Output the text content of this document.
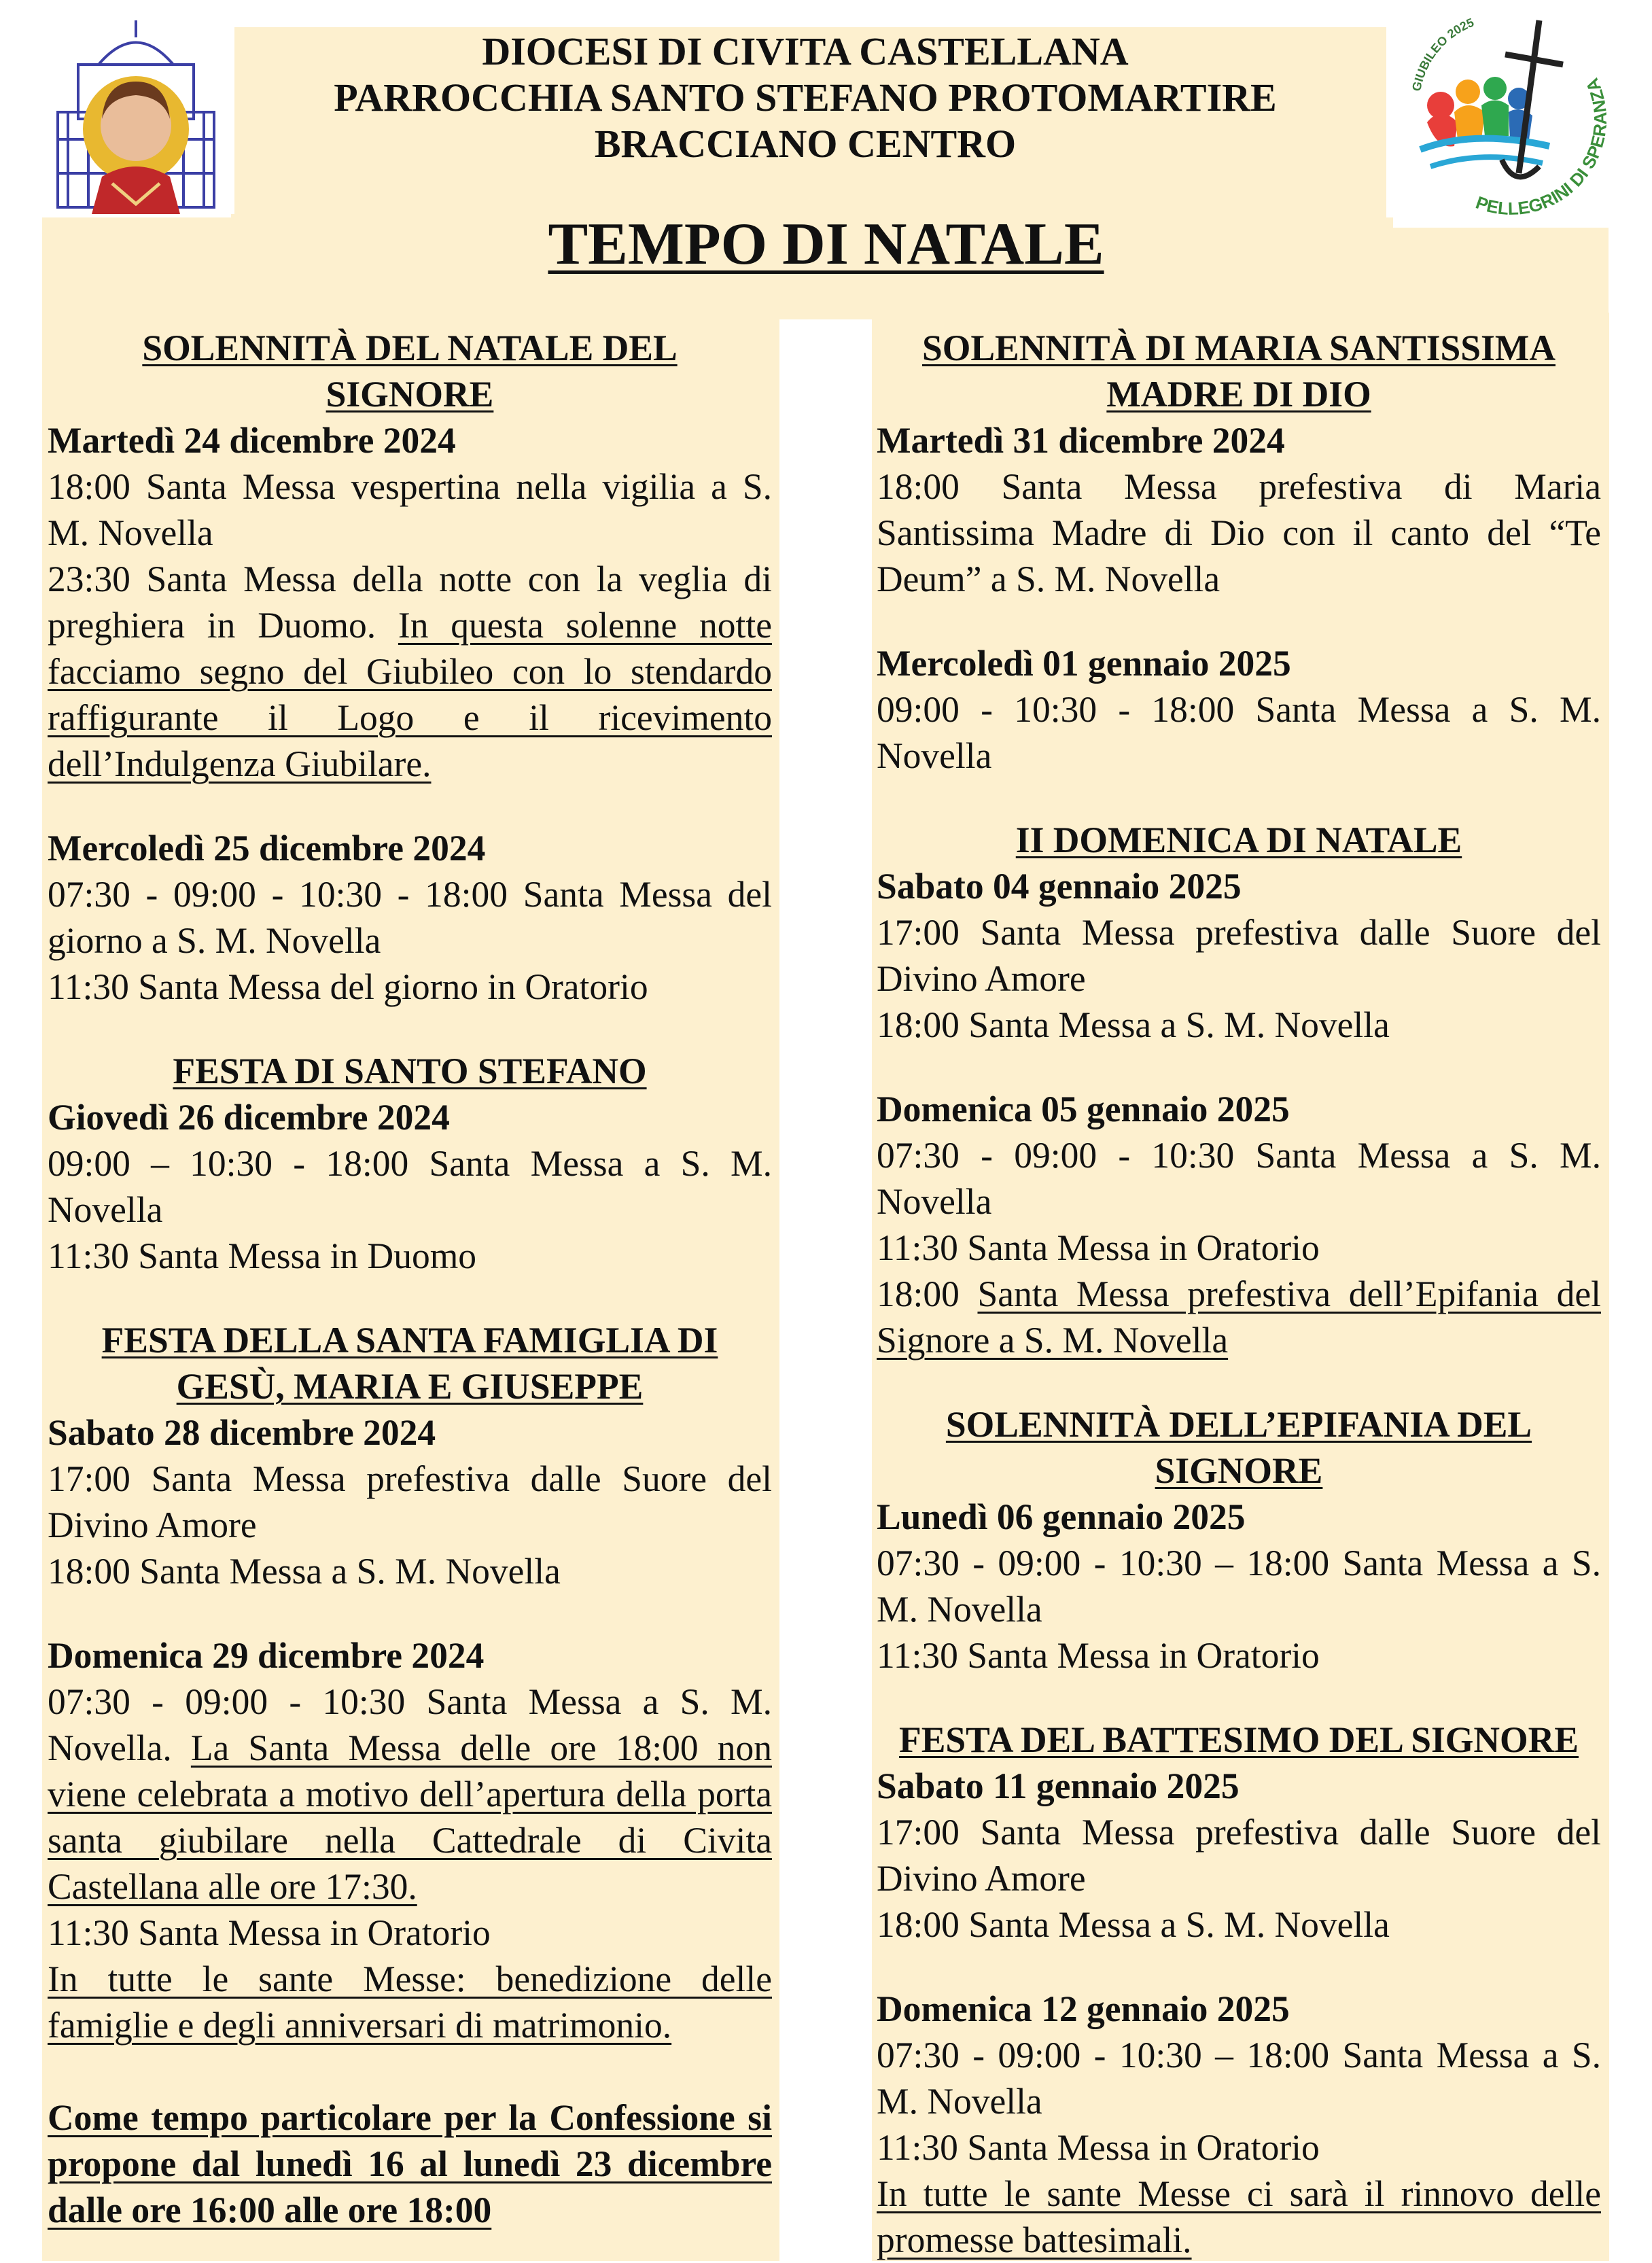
GIUBILEO 2025
PELLEGRINI DI SPERANZA
DIOCESI DI CIVITA CASTELLANA
PARROCCHIA SANTO STEFANO PROTOMARTIRE
BRACCIANO CENTRO
TEMPO DI NATALE
SOLENNITÀ DEL NATALE DEL
SIGNORE

Martedì 24 dicembre 2024

18:00 Santa Messa vespertina nella vigilia a S. M. Novella

23:30 Santa Messa della notte con la veglia di preghiera in Duomo. In questa solenne notte facciamo segno del Giubileo con lo stendardo raffigurante il Logo e il ricevimento dell’Indulgenza Giubilare.

Mercoledì 25 dicembre 2024

07:30 - 09:00 - 10:30 - 18:00 Santa Messa del giorno a S. M. Novella

11:30 Santa Messa del giorno in Oratorio

FESTA DI SANTO STEFANO

Giovedì 26 dicembre 2024

09:00 – 10:30 - 18:00 Santa Messa a S. M. Novella

11:30 Santa Messa in Duomo

FESTA DELLA SANTA FAMIGLIA DI
GESÙ, MARIA E GIUSEPPE

Sabato 28 dicembre 2024

17:00 Santa Messa prefestiva dalle Suore del Divino Amore

18:00 Santa Messa a S. M. Novella

Domenica 29 dicembre 2024

07:30 - 09:00 - 10:30 Santa Messa a S. M. Novella. La Santa Messa delle ore 18:00 non viene celebrata a motivo dell’apertura della porta santa giubilare nella Cattedrale di Civita Castellana alle ore 17:30.

11:30 Santa Messa in Oratorio

In tutte le sante Messe: benedizione delle famiglie e degli anniversari di matrimonio.

Come tempo particolare per la Confessione si propone dal lunedì 16 al lunedì 23 dicembre dalle ore 16:00 alle ore 18:00

SOLENNITÀ DI MARIA SANTISSIMA
MADRE DI DIO

Martedì 31 dicembre 2024

18:00 Santa Messa prefestiva di Maria Santissima Madre di Dio con il canto del “Te Deum” a S. M. Novella

Mercoledì 01 gennaio 2025

09:00 - 10:30 - 18:00 Santa Messa a S. M. Novella

II DOMENICA DI NATALE

Sabato 04 gennaio 2025

17:00 Santa Messa prefestiva dalle Suore del Divino Amore

18:00 Santa Messa a S. M. Novella

Domenica 05 gennaio 2025

07:30 - 09:00 - 10:30 Santa Messa a S. M. Novella

11:30 Santa Messa in Oratorio

18:00 Santa Messa prefestiva dell’Epifania del Signore a S. M. Novella

SOLENNITÀ DELL’EPIFANIA DEL
SIGNORE

Lunedì 06 gennaio 2025

07:30 - 09:00 - 10:30 – 18:00 Santa Messa a S. M. Novella

11:30 Santa Messa in Oratorio

FESTA DEL BATTESIMO DEL SIGNORE

Sabato 11 gennaio 2025

17:00 Santa Messa prefestiva dalle Suore del Divino Amore

18:00 Santa Messa a S. M. Novella

Domenica 12 gennaio 2025

07:30 - 09:00 - 10:30 – 18:00 Santa Messa a S. M. Novella

11:30 Santa Messa in Oratorio

In tutte le sante Messe ci sarà il rinnovo delle promesse battesimali.
